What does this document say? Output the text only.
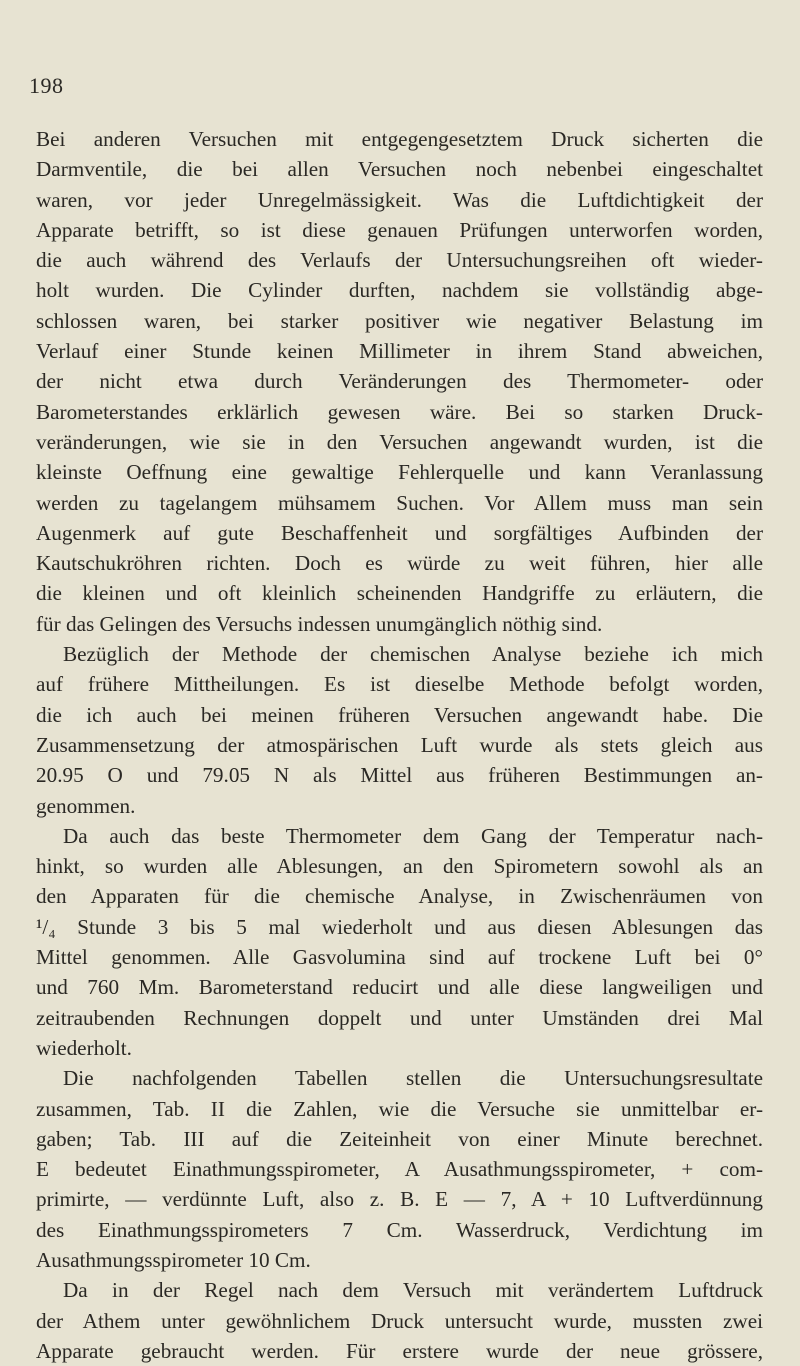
198
Bei anderen Versuchen mit entgegengesetztem Druck sicherten die
Darmventile, die bei allen Versuchen noch nebenbei eingeschaltet
waren, vor jeder Unregelmässigkeit. Was die Luftdichtigkeit der
Apparate betrifft, so ist diese genauen Prüfungen unterworfen worden,
die auch während des Verlaufs der Untersuchungsreihen oft wieder-
holt wurden. Die Cylinder durften, nachdem sie vollständig abge-
schlossen waren, bei starker positiver wie negativer Belastung im
Verlauf einer Stunde keinen Millimeter in ihrem Stand abweichen,
der nicht etwa durch Veränderungen des Thermometer- oder
Barometerstandes erklärlich gewesen wäre. Bei so starken Druck-
veränderungen, wie sie in den Versuchen angewandt wurden, ist die
kleinste Oeffnung eine gewaltige Fehlerquelle und kann Veranlassung
werden zu tagelangem mühsamem Suchen. Vor Allem muss man sein
Augenmerk auf gute Beschaffenheit und sorgfältiges Aufbinden der
Kautschukröhren richten. Doch es würde zu weit führen, hier alle
die kleinen und oft kleinlich scheinenden Handgriffe zu erläutern, die
für das Gelingen des Versuchs indessen unumgänglich nöthig sind.
Bezüglich der Methode der chemischen Analyse beziehe ich mich
auf frühere Mittheilungen. Es ist dieselbe Methode befolgt worden,
die ich auch bei meinen früheren Versuchen angewandt habe. Die
Zusammensetzung der atmospärischen Luft wurde als stets gleich aus
20.95 O und 79.05 N als Mittel aus früheren Bestimmungen an-
genommen.
Da auch das beste Thermometer dem Gang der Temperatur nach-
hinkt, so wurden alle Ablesungen, an den Spirometern sowohl als an
den Apparaten für die chemische Analyse, in Zwischenräumen von
¹/₄ Stunde 3 bis 5 mal wiederholt und aus diesen Ablesungen das
Mittel genommen. Alle Gasvolumina sind auf trockene Luft bei 0°
und 760 Mm. Barometerstand reducirt und alle diese langweiligen und
zeitraubenden Rechnungen doppelt und unter Umständen drei Mal
wiederholt.
Die nachfolgenden Tabellen stellen die Untersuchungsresultate
zusammen, Tab. II die Zahlen, wie die Versuche sie unmittelbar er-
gaben; Tab. III auf die Zeiteinheit von einer Minute berechnet.
E bedeutet Einathmungsspirometer, A Ausathmungsspirometer, + com-
primirte, — verdünnte Luft, also z. B. E — 7, A + 10 Luftverdünnung
des Einathmungsspirometers 7 Cm. Wasserdruck, Verdichtung im
Ausathmungsspirometer 10 Cm.
Da in der Regel nach dem Versuch mit verändertem Luftdruck
der Athem unter gewöhnlichem Druck untersucht wurde, mussten zwei
Apparate gebraucht werden. Für erstere wurde der neue grössere,
